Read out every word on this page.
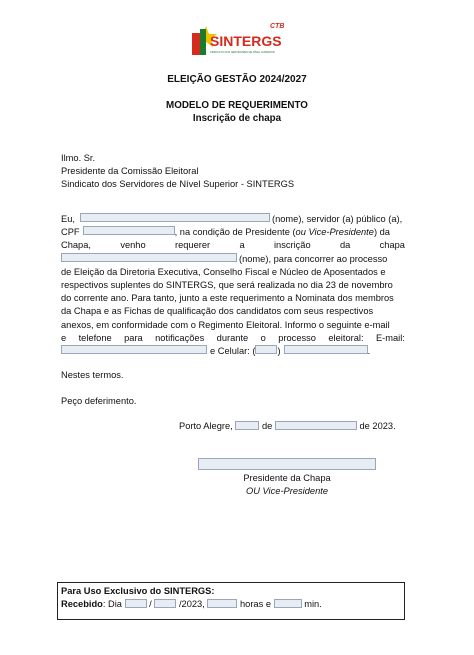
CTB
SINTERGS
SINDICATO DOS SERVIDORES DE NÍVEL SUPERIOR
ELEIÇÃO GESTÃO 2024/2027
MODELO DE REQUERIMENTO
Inscrição de chapa
Ilmo. Sr.
Presidente da Comissão Eleitoral
Sindicato dos Servidores de Nível Superior - SINTERGS
Eu,	(nome), servidor (a) público (a),
CPF	, na condição de Presidente ( ou Vice-Presidente ) da
Chapa,	venho	requerer	a	inscrição	da	chapa
(nome), para concorrer ao processo
de Eleição da Diretoria Executiva, Conselho Fiscal e Núcleo de Aposentados e
respectivos suplentes do SINTERGS, que será realizada no dia 23 de novembro
do corrente ano. Para tanto, junto a este requerimento a Nominata dos membros
da Chapa e as Fichas de qualificação dos candidatos com seus respectivos
anexos, em conformidade com o Regimento Eleitoral. Informo o seguinte e-mail
e telefone para notificações durante o processo eleitoral: E-mail:
e Celular: ( )	.
Nestes termos.
Peço deferimento.
Porto Alegre,	de	de 2023.
Presidente da Chapa
OU Vice-Presidente
Para Uso Exclusivo do SINTERGS:
Recebido: Dia	/	/2023,	horas e	min.
